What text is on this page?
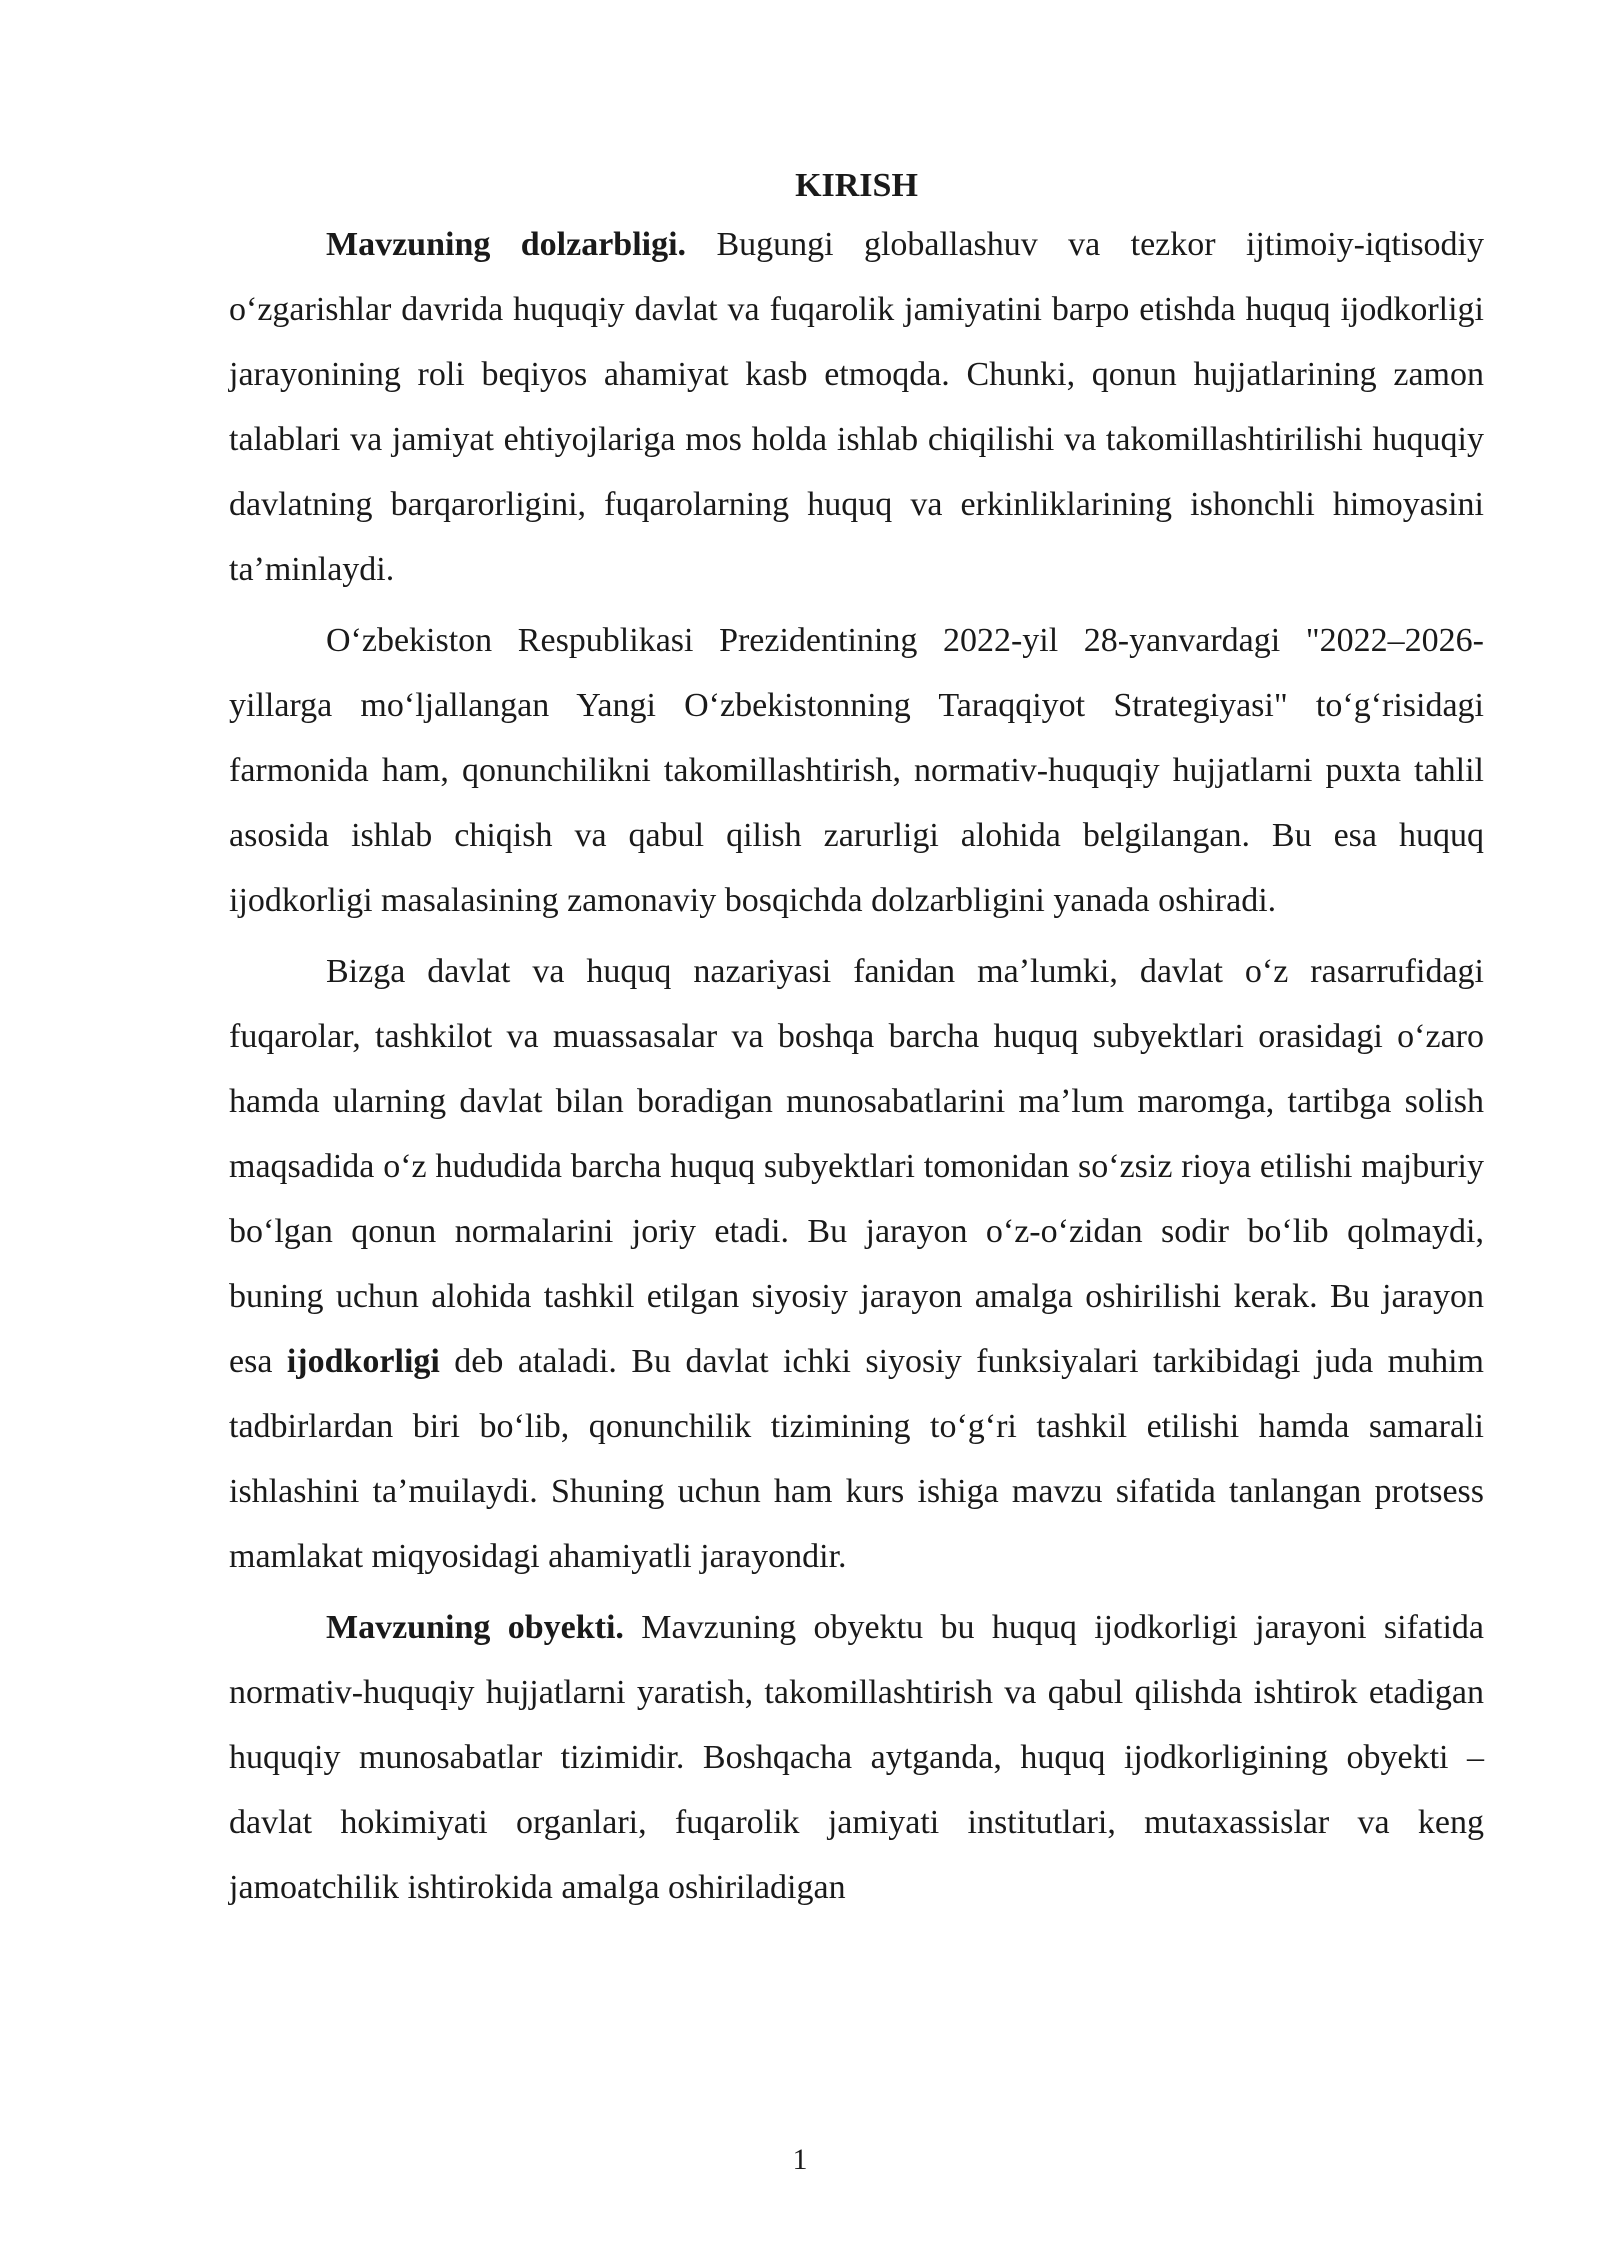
KIRISH

Mavzuning dolzarbligi. Bugungi globallashuv va tezkor ijtimoiy-iqtisodiy oʻzgarishlar davrida huquqiy davlat va fuqarolik jamiyatini barpo etishda huquq ijodkorligi jarayonining roli beqiyos ahamiyat kasb etmoqda. Chunki, qonun hujjatlarining zamon talablari va jamiyat ehtiyojlariga mos holda ishlab chiqilishi va takomillashtirilishi huquqiy davlatning barqarorligini, fuqarolarning huquq va erkinliklarining ishonchli himoyasini taʼminlaydi.

Oʻzbekiston Respublikasi Prezidentining 2022-yil 28-yanvardagi "2022–2026-yillarga moʻljallangan Yangi Oʻzbekistonning Taraqqiyot Strategiyasi" toʻgʻrisidagi farmonida ham, qonunchilikni takomillashtirish, normativ-huquqiy hujjatlarni puxta tahlil asosida ishlab chiqish va qabul qilish zarurligi alohida belgilangan. Bu esa huquq ijodkorligi masalasining zamonaviy bosqichda dolzarbligini yanada oshiradi.

Bizga davlat va huquq nazariyasi fanidan maʼlumki, davlat oʻz rasarrufidagi fuqarolar, tashkilot va muassasalar va boshqa barcha huquq subyektlari orasidagi oʻzaro hamda ularning davlat bilan boradigan munosabatlarini maʼlum maromga, tartibga solish maqsadida oʻz hududida barcha huquq subyektlari tomonidan soʻzsiz rioya etilishi majburiy boʻlgan qonun normalarini joriy etadi. Bu jarayon oʻz-oʻzidan sodir boʻlib qolmaydi, buning uchun alohida tashkil etilgan siyosiy jarayon amalga oshirilishi kerak. Bu jarayon esa ijodkorligi deb ataladi. Bu davlat ichki siyosiy funksiyalari tarkibidagi juda muhim tadbirlardan biri boʻlib, qonunchilik tizimining toʻgʻri tashkil etilishi hamda samarali ishlashini taʼmuilaydi. Shuning uchun ham kurs ishiga mavzu sifatida tanlangan protsess mamlakat miqyosidagi ahamiyatli jarayondir.

Mavzuning obyekti. Mavzuning obyektu bu huquq ijodkorligi jarayoni sifatida normativ-huquqiy hujjatlarni yaratish, takomillashtirish va qabul qilishda ishtirok etadigan huquqiy munosabatlar tizimidir. Boshqacha aytganda, huquq ijodkorligining obyekti – davlat hokimiyati organlari, fuqarolik jamiyati institutlari, mutaxassislar va keng jamoatchilik ishtirokida amalga oshiriladigan

1
